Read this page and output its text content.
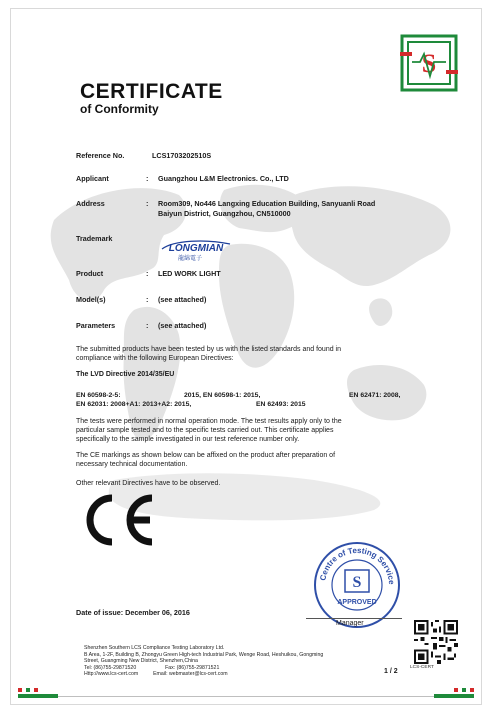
S
CERTIFICATE
of Conformity
Reference No.	LCS1703202510S
Applicant	: Guangzhou L&M Electronics. Co., LTD
Address	: Room309, No446 Langxing Education Building, Sanyuanli Road
Baiyun District, Guangzhou, CN510000
Trademark
LONGMIAN
龍綿電子
Product	: LED WORK LIGHT
Model(s)	: (see attached)
Parameters	: (see attached)
The submitted products have been tested by us with the listed standards and found in
compliance with the following European Directives:
The LVD Directive 2014/35/EU
EN 60598-2-5:	2015, EN 60598-1: 2015,	EN 62471: 2008,
EN 62031: 2008+A1: 2013+A2: 2015,	EN 62493: 2015
The tests were performed in normal operation mode. The test results apply only to the
particular sample tested and to the specific tests carried out. This certificate applies
specifically to the sample investigated in our test reference number only.
The CE markings as shown below can be affixed on the product after preparation of
necessary technical documentation.
Other relevant Directives have to be observed.
Centre of Testing Service
S
APPROVED
Manager
Date of issue: December 06, 2016
Shenzhen Southern LCS Compliance Testing Laboratory Ltd.
B Area, 1-2F, Building B, Zhongyu Green High-tech Industrial Park, Wenge Road, Heshuikou, Gongming
Street, Guangming New District, Shenzhen,China
Tel: (86)755-29871520	Fax: (86)755-29871521
Http://www.lcs-cert.com	Email: webmaster@lcs-cert.com	1 / 2
LCS-CERT
